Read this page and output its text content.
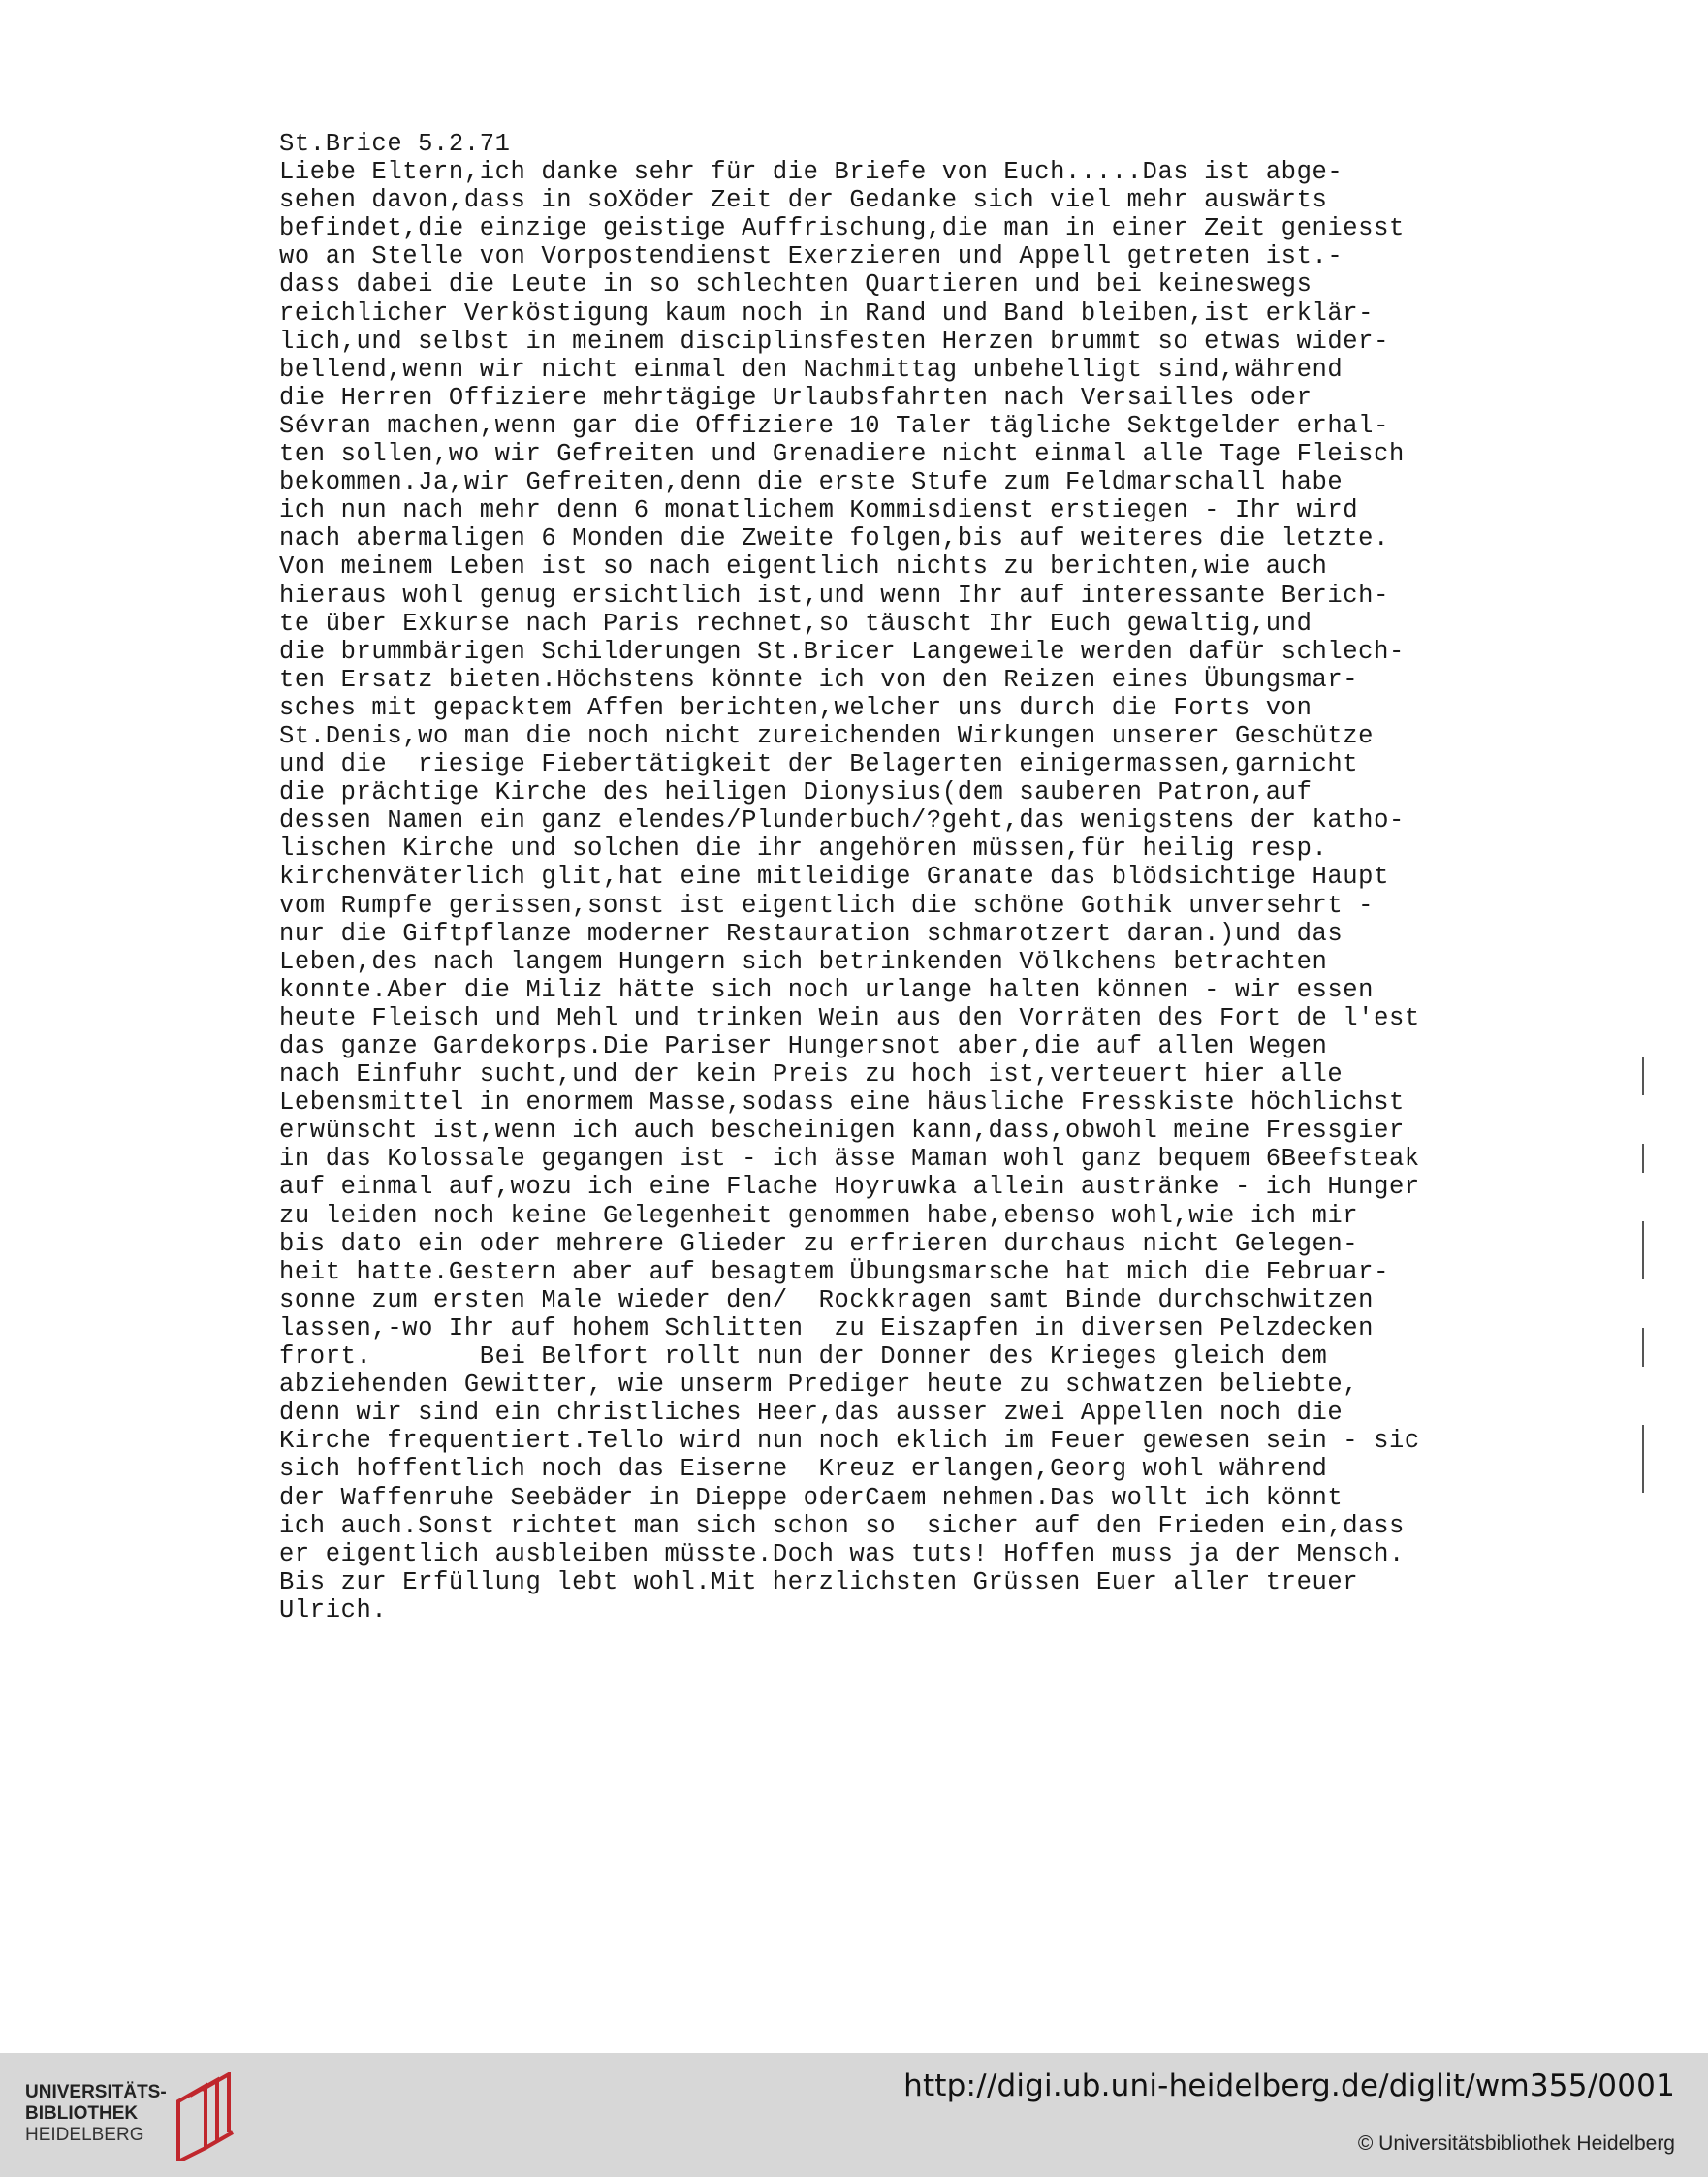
St.Brice 5.2.71
Liebe Eltern,ich danke sehr für die Briefe von Euch.....Das ist abge-
sehen davon,dass in soXöder Zeit der Gedanke sich viel mehr auswärts
befindet,die einzige geistige Auffrischung,die man in einer Zeit geniesst
wo an Stelle von Vorpostendienst Exerzieren und Appell getreten ist.-
dass dabei die Leute in so schlechten Quartieren und bei keineswegs
reichlicher Verköstigung kaum noch in Rand und Band bleiben,ist erklär-
lich,und selbst in meinem disciplinsfesten Herzen brummt so etwas wider-
bellend,wenn wir nicht einmal den Nachmittag unbehelligt sind,während
die Herren Offiziere mehrtägige Urlaubsfahrten nach Versailles oder
Sévran machen,wenn gar die Offiziere 10 Taler tägliche Sektgelder erhal-
ten sollen,wo wir Gefreiten und Grenadiere nicht einmal alle Tage Fleisch
bekommen.Ja,wir Gefreiten,denn die erste Stufe zum Feldmarschall habe
ich nun nach mehr denn 6 monatlichem Kommisdienst erstiegen - Ihr wird
nach abermaligen 6 Monden die Zweite folgen,bis auf weiteres die letzte.
Von meinem Leben ist so nach eigentlich nichts zu berichten,wie auch
hieraus wohl genug ersichtlich ist,und wenn Ihr auf interessante Berich-
te über Exkurse nach Paris rechnet,so täuscht Ihr Euch gewaltig,und
die brummbärigen Schilderungen St.Bricer Langeweile werden dafür schlech-
ten Ersatz bieten.Höchstens könnte ich von den Reizen eines Übungsmar-
sches mit gepacktem Affen berichten,welcher uns durch die Forts von
St.Denis,wo man die noch nicht zureichenden Wirkungen unserer Geschütze
und die  riesige Fiebertätigkeit der Belagerten einigermassen,garnicht
die prächtige Kirche des heiligen Dionysius(dem sauberen Patron,auf
dessen Namen ein ganz elendes/Plunderbuch/?geht,das wenigstens der katho-
lischen Kirche und solchen die ihr angehören müssen,für heilig resp.
kirchenväterlich glit,hat eine mitleidige Granate das blödsichtige Haupt
vom Rumpfe gerissen,sonst ist eigentlich die schöne Gothik unversehrt -
nur die Giftpflanze moderner Restauration schmarotzert daran.)und das
Leben,des nach langem Hungern sich betrinkenden Völkchens betrachten
konnte.Aber die Miliz hätte sich noch urlange halten können - wir essen
heute Fleisch und Mehl und trinken Wein aus den Vorräten des Fort de l'est
das ganze Gardekorps.Die Pariser Hungersnot aber,die auf allen Wegen
nach Einfuhr sucht,und der kein Preis zu hoch ist,verteuert hier alle
Lebensmittel in enormem Masse,sodass eine häusliche Fresskiste höchlichst
erwünscht ist,wenn ich auch bescheinigen kann,dass,obwohl meine Fressgier
in das Kolossale gegangen ist - ich ässe Maman wohl ganz bequem 6Beefsteak
auf einmal auf,wozu ich eine Flache Hoyruwka allein austränke - ich Hunger
zu leiden noch keine Gelegenheit genommen habe,ebenso wohl,wie ich mir
bis dato ein oder mehrere Glieder zu erfrieren durchaus nicht Gelegen-
heit hatte.Gestern aber auf besagtem Übungsmarsche hat mich die Februar-
sonne zum ersten Male wieder den/  Rockkragen samt Binde durchschwitzen
lassen,-wo Ihr auf hohem Schlitten  zu Eiszapfen in diversen Pelzdecken
frort.       Bei Belfort rollt nun der Donner des Krieges gleich dem
abziehenden Gewitter, wie unserm Prediger heute zu schwatzen beliebte,
denn wir sind ein christliches Heer,das ausser zwei Appellen noch die
Kirche frequentiert.Tello wird nun noch eklich im Feuer gewesen sein - sic
sich hoffentlich noch das Eiserne  Kreuz erlangen,Georg wohl während
der Waffenruhe Seebäder in Dieppe oderCaem nehmen.Das wollt ich könnt
ich auch.Sonst richtet man sich schon so  sicher auf den Frieden ein,dass
er eigentlich ausbleiben müsste.Doch was tuts! Hoffen muss ja der Mensch.
Bis zur Erfüllung lebt wohl.Mit herzlichsten Grüssen Euer aller treuer
Ulrich.
UNIVERSITÄTS-
BIBLIOTHEK
HEIDELBERG
http://digi.ub.uni-heidelberg.de/diglit/wm355/0001
© Universitätsbibliothek Heidelberg
